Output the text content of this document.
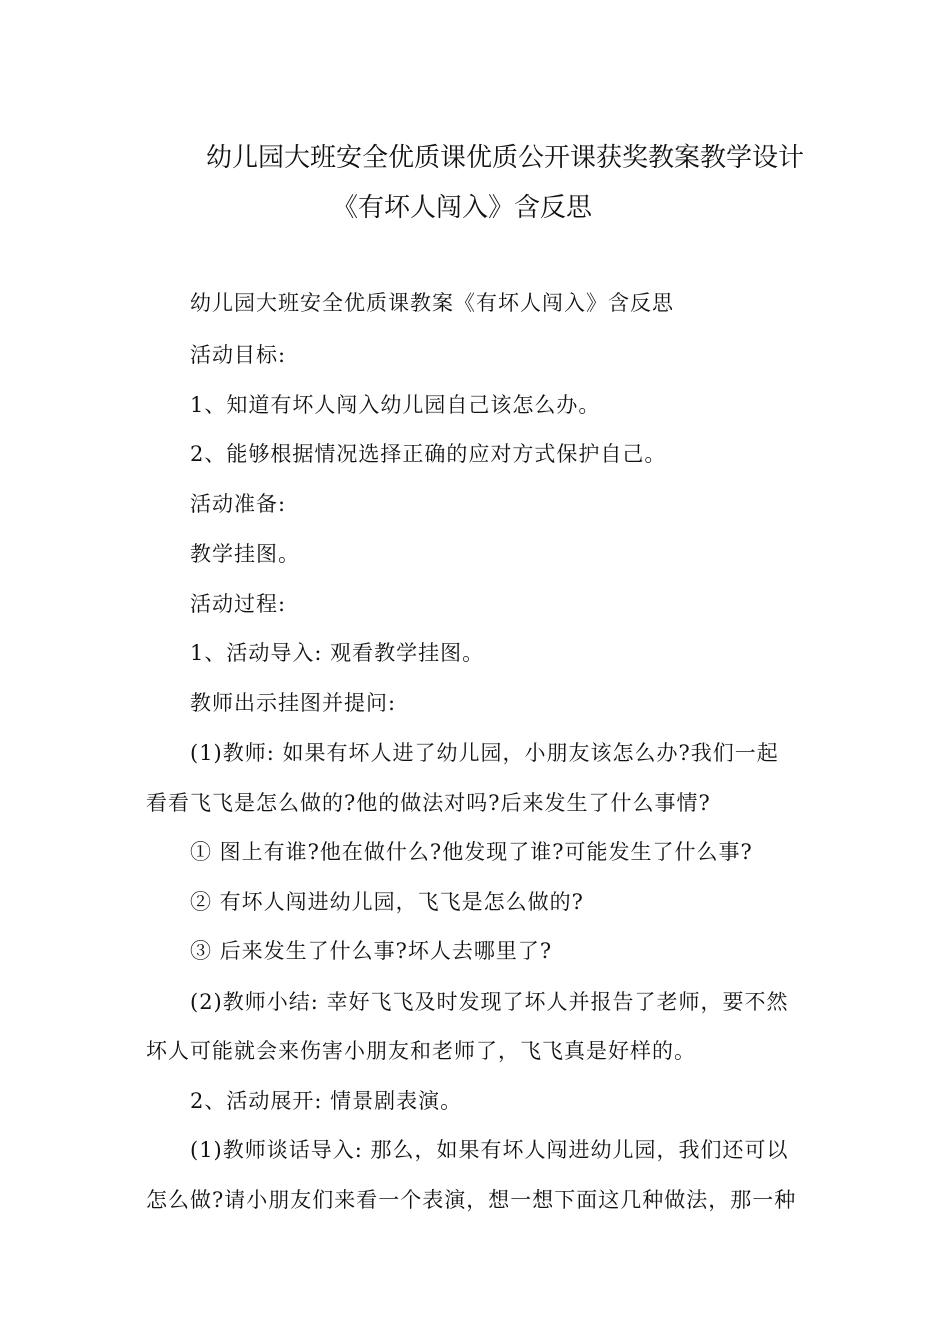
幼儿园大班安全优质课优质公开课获奖教案教学设计
《有坏人闯入》含反思
幼儿园大班安全优质课教案《有坏人闯入》含反思
活动目标:
1、知道有坏人闯入幼儿园自己该怎么办。
2、能够根据情况选择正确的应对方式保护自己。
活动准备:
教学挂图。
活动过程:
1、活动导入: 观看教学挂图。
教师出示挂图并提问:
(1)教师: 如果有坏人进了幼儿园，小朋友该怎么办?我们一起
看看飞飞是怎么做的?他的做法对吗?后来发生了什么事情?
① 图上有谁?他在做什么?他发现了谁?可能发生了什么事?
② 有坏人闯进幼儿园，飞飞是怎么做的?
③ 后来发生了什么事?坏人去哪里了?
(2)教师小结: 幸好飞飞及时发现了坏人并报告了老师，要不然
坏人可能就会来伤害小朋友和老师了，飞飞真是好样的。
2、活动展开: 情景剧表演。
(1)教师谈话导入: 那么，如果有坏人闯进幼儿园，我们还可以
怎么做?请小朋友们来看一个表演，想一想下面这几种做法，那一种
